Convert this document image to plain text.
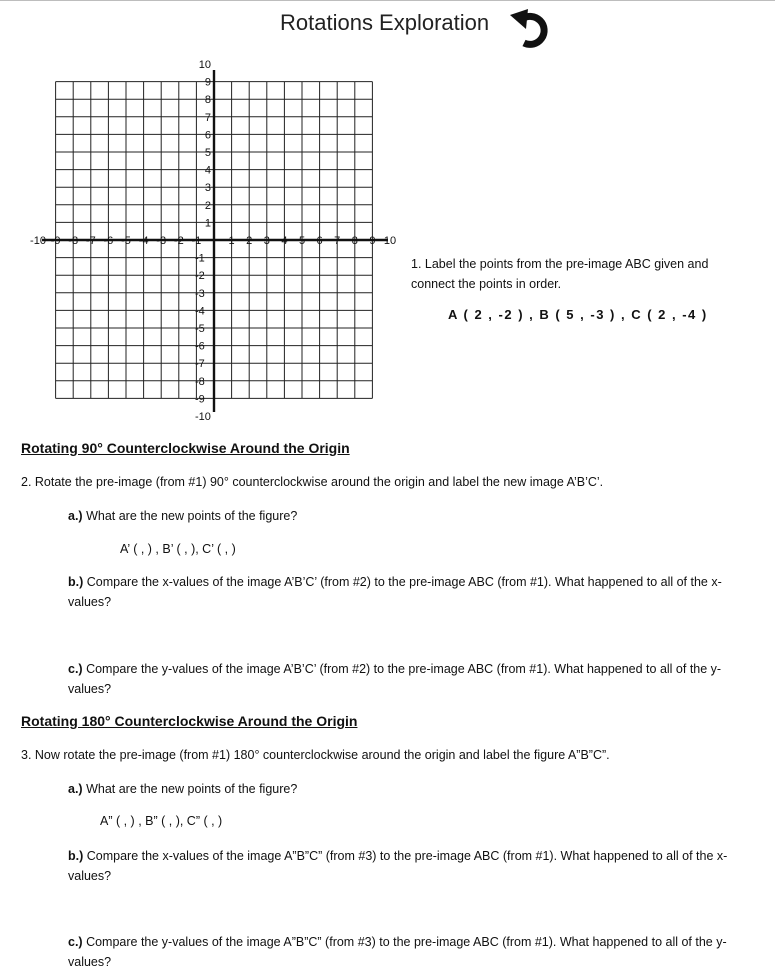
Rotations Exploration
-10 -9 -8 -7 -6 -5 -4 -3 -2 -1 1 2 3 4 5 6 7 8 9 10
10
9
8
7
6
5
4
3
2
1
-1
-2
-3
-4
-5
-6
-7
-8
-9
-10
1. Label the points from the pre-image ABC given and connect the points in order.
A ( 2 , -2 ) , B ( 5 , -3 ) , C ( 2 , -4 )
Rotating 90° Counterclockwise Around the Origin
2. Rotate the pre-image (from #1) 90° counterclockwise around the origin and label the new image A’B’C’.
a.) What are the new points of the figure?
A’ ( , ) , B’ ( , ), C’ ( , )
b.) Compare the x-values of the image A’B’C’ (from #2) to the pre-image ABC (from #1). What happened to all of the x-values?
c.) Compare the y-values of the image A’B’C’ (from #2) to the pre-image ABC (from #1). What happened to all of the y-values?
Rotating 180° Counterclockwise Around the Origin
3. Now rotate the pre-image (from #1) 180° counterclockwise around the origin and label the figure A”B”C”.
a.) What are the new points of the figure?
A” ( , ) , B” ( , ), C” ( , )
b.) Compare the x-values of the image A”B”C” (from #3) to the pre-image ABC (from #1). What happened to all of the x-values?
c.) Compare the y-values of the image A”B”C” (from #3) to the pre-image ABC (from #1). What happened to all of the y-values?
